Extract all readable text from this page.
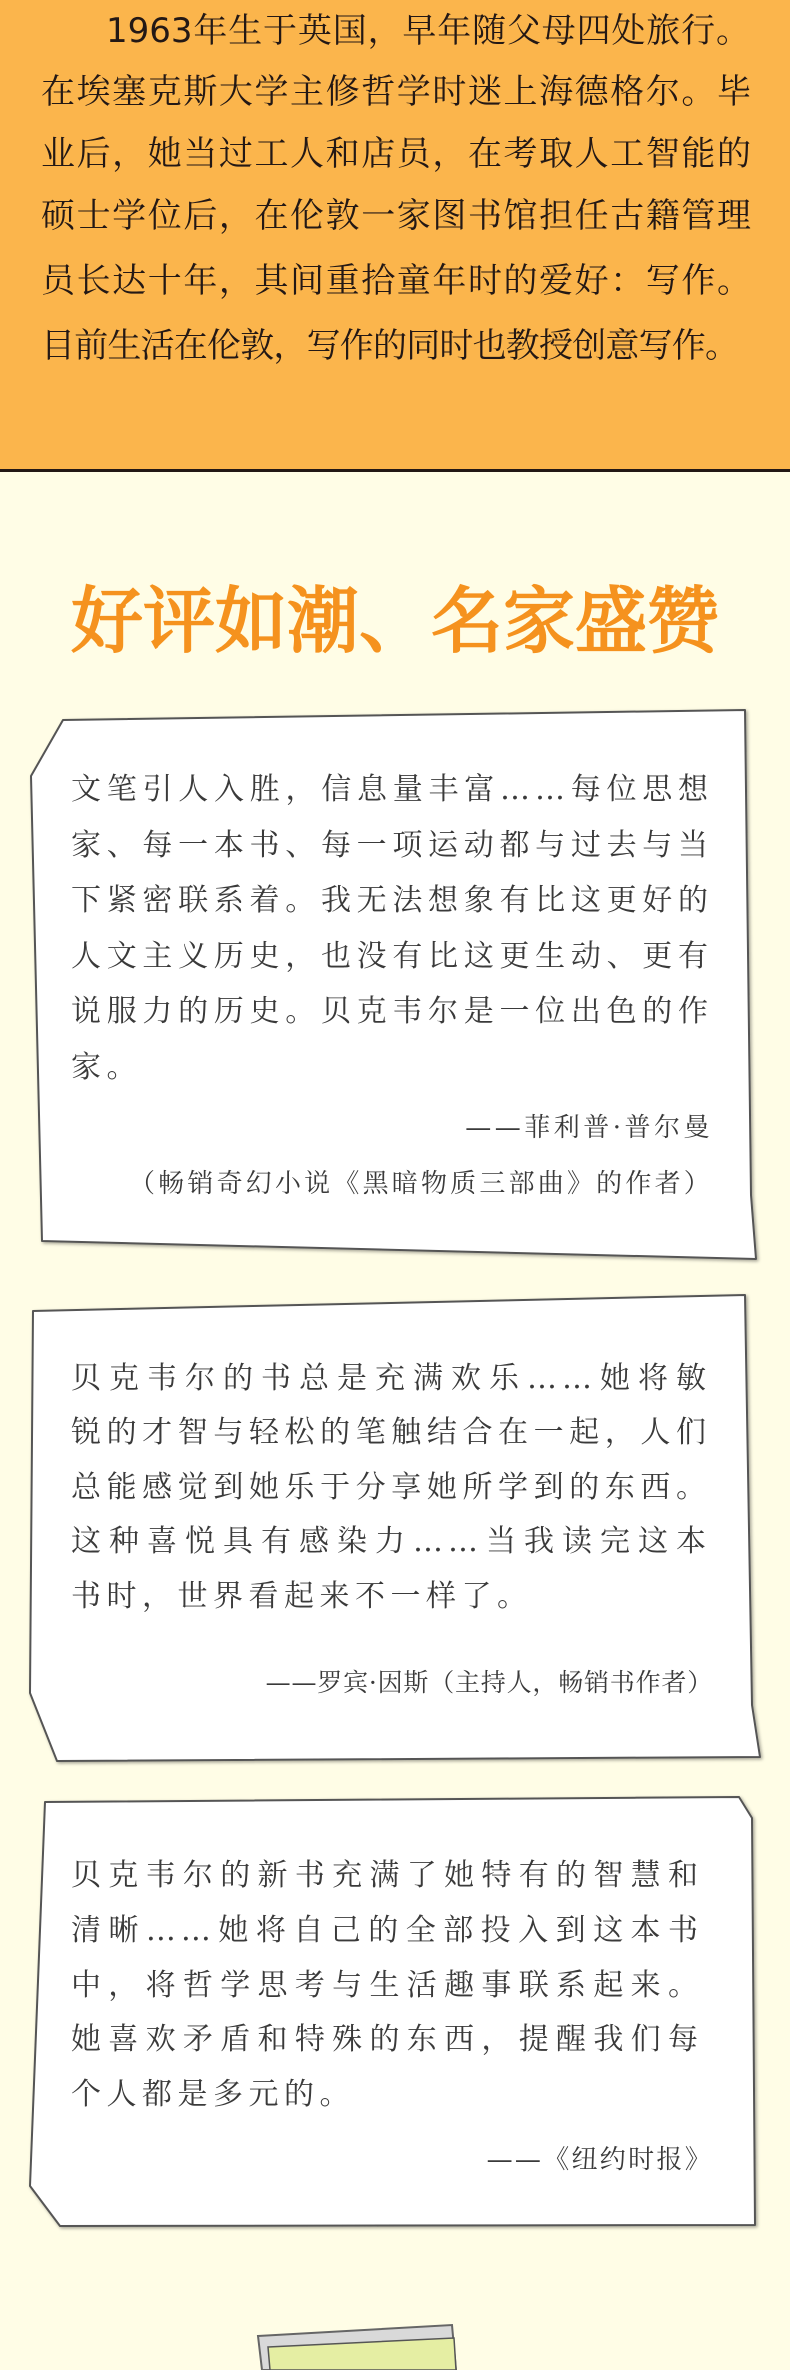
1963年生于英国，早年随父母四处旅行。
在埃塞克斯大学主修哲学时迷上海德格尔。毕
业后，她当过工人和店员，在考取人工智能的
硕士学位后，在伦敦一家图书馆担任古籍管理
员长达十年，其间重拾童年时的爱好：写作。
目前生活在伦敦，写作的同时也教授创意写作。
好评如潮、名家盛赞
文笔引人入胜，信息量丰富……每位思想
家、每一本书、每一项运动都与过去与当
下紧密联系着。我无法想象有比这更好的
人文主义历史，也没有比这更生动、更有
说服力的历史。贝克韦尔是一位出色的作
家。
——菲利普·普尔曼
（畅销奇幻小说《黑暗物质三部曲》的作者）
贝克韦尔的书总是充满欢乐……她将敏
锐的才智与轻松的笔触结合在一起，人们
总能感觉到她乐于分享她所学到的东西。
这种喜悦具有感染力……当我读完这本
书时，世界看起来不一样了。
——罗宾·因斯（主持人，畅销书作者）
贝克韦尔的新书充满了她特有的智慧和
清晰……她将自己的全部投入到这本书
中，将哲学思考与生活趣事联系起来。
她喜欢矛盾和特殊的东西，提醒我们每
个人都是多元的。
——《纽约时报》
